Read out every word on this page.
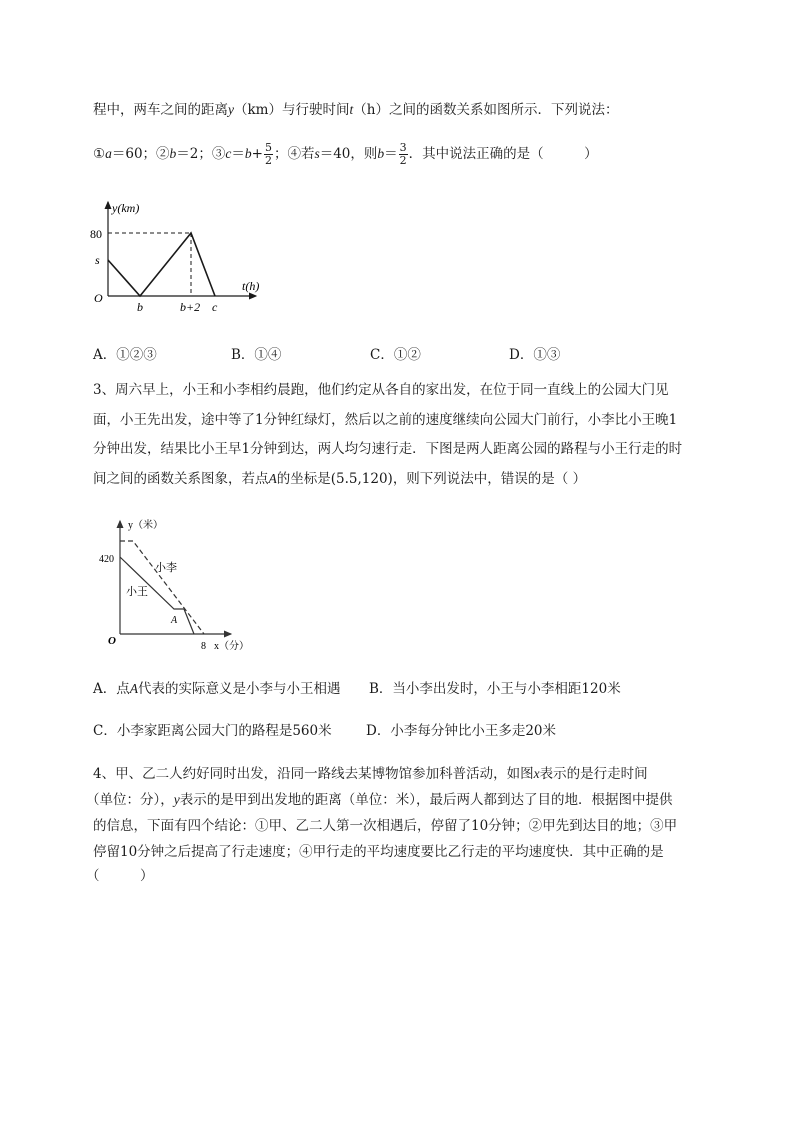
程中，两车之间的距离y（km）与行驶时间t（h）之间的函数关系如图所示．下列说法：
①a＝60；②b＝2；③c＝b+ $\frac{5}{2}$ ；④若s＝40，则$b= \frac{3}{2}$ ．其中说法正确的是（　　　）
y(km)
t(h)
80
s
O
b	b+2 c
A．①②③	B．①④	C．①②	D．①③
3、周六早上，小王和小李相约晨跑，他们约定从各自的家出发，在位于同一直线上的公园大门见
面，小王先出发，途中等了1分钟红绿灯，然后以之前的速度继续向公园大门前行，小李比小王晚1
分钟出发，结果比小王早1分钟到达，两人均匀速行走．下图是两人距离公园的路程与小王行走的时
间之间的函数关系图象，若点A的坐标是(5.5,120)，则下列说法中，错误的是（ ）
y（米）
x（分）
420
O	8
A
小李
小王
A．点A代表的实际意义是小李与小王相遇 B．当小李出发时，小王与小李相距120米
C．小李家距离公园大门的路程是560米	D．小李每分钟比小王多走20米
4、甲、乙二人约好同时出发，沿同一路线去某博物馆参加科普活动，如图x表示的是行走时间
（单位：分），y表示的是甲到出发地的距离（单位：米），最后两人都到达了目的地．根据图中提供
的信息，下面有四个结论：①甲、乙二人第一次相遇后，停留了10分钟；②甲先到达目的地；③甲
停留10分钟之后提高了行走速度；④甲行走的平均速度要比乙行走的平均速度快．其中正确的是
（　　　）
